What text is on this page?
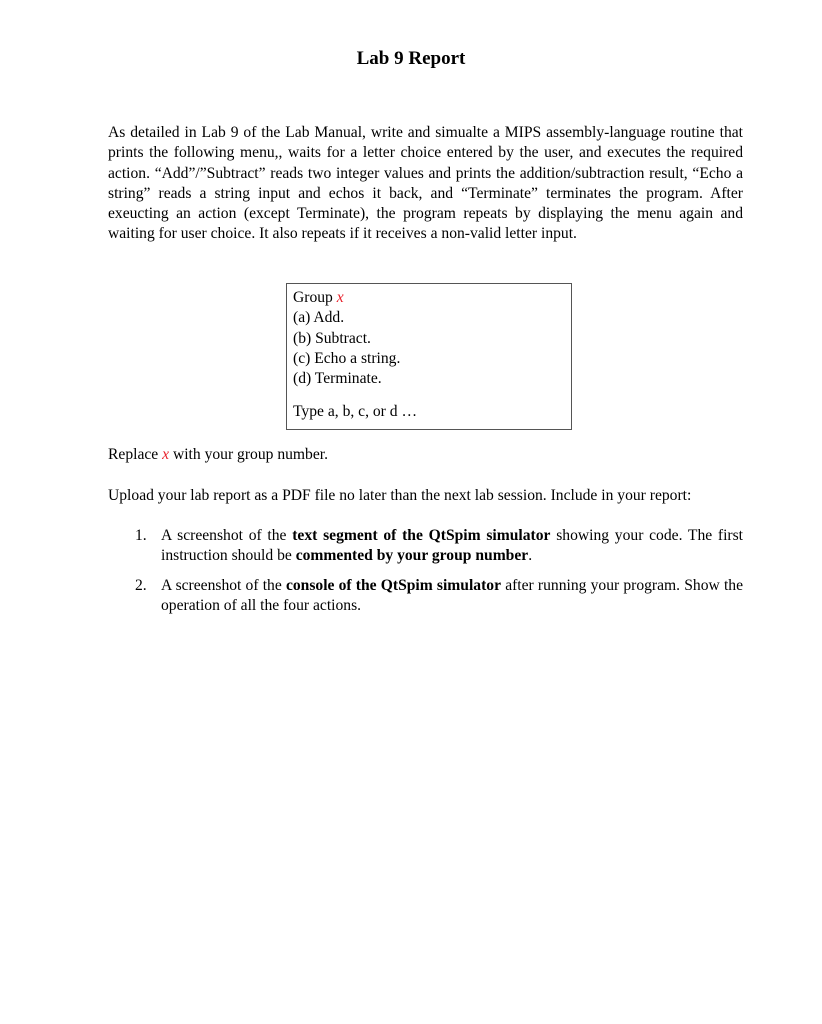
Lab 9 Report

As detailed in Lab 9 of the Lab Manual, write and simualte a MIPS assembly-language routine that prints the following menu,, waits for a letter choice entered by the user, and executes the required action. “Add”/”Subtract” reads two integer values and prints the addition/subtraction result, “Echo a string” reads a string input and echos it back, and “Terminate” terminates the program. After exeucting an action (except Terminate), the program repeats by displaying the menu again and waiting for user choice. It also repeats if it receives a non-valid letter input.

Group x
(a) Add.
(b) Subtract.
(c) Echo a string.
(d) Terminate.
Type a, b, c, or d …
Replace x with your group number.

Upload your lab report as a PDF file no later than the next lab session. Include in your report:

1. A screenshot of the text segment of the QtSpim simulator showing your code. The first instruction should be commented by your group number.
2. A screenshot of the console of the QtSpim simulator after running your program. Show the operation of all the four actions.
